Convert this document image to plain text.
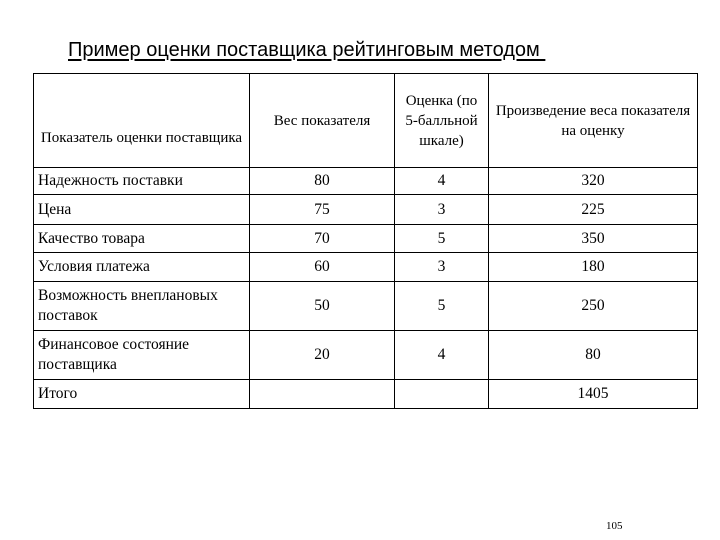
Пример оценки поставщика рейтинговым методом
Показатель оценки поставщика	Вес показателя	Оценка (по 5-балльной шкале)	Произведение веса показателя на оценку
Надежность поставки	80	4	320
Цена	75	3	225
Качество товара	70	5	350
Условия платежа	60	3	180
Возможность внеплановых поставок	50	5	250
Финансовое состояние поставщика	20	4	80
Итого			1405
105
